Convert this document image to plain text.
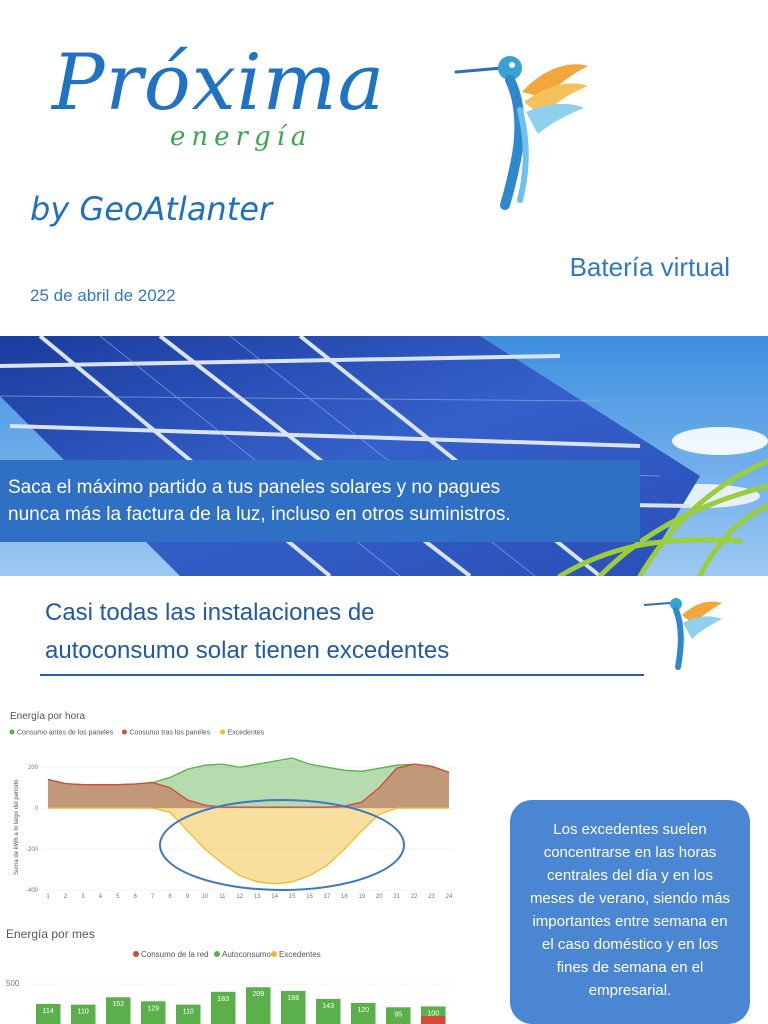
Próxima
energía
by GeoAtlanter
Batería virtual
25 de abril de 2022
Saca el máximo partido a tus paneles solares y no pagues
nunca más la factura de la luz, incluso en otros suministros.
Casi todas las instalaciones de
autoconsumo solar tienen excedentes
Energía por hora
Consumo antes de los paneles Consumo tras los paneles Excedentes
Suma de kWh a lo largo del periodo
1 2 3 4 5 6 7 8 9 10 11 12 13 14 15 16 17 18 19 20 21 22 23 24
200
0
-200
-400
Energía por mes
Consumo de la red Autoconsumo Excedentes
500
114	110
152
129	110
183
209
188
143
120
95	100
Los excedentes suelen concentrarse en las horas centrales del día y en los meses de verano, siendo más importantes entre semana en el caso doméstico y en los fines de semana en el empresarial.
